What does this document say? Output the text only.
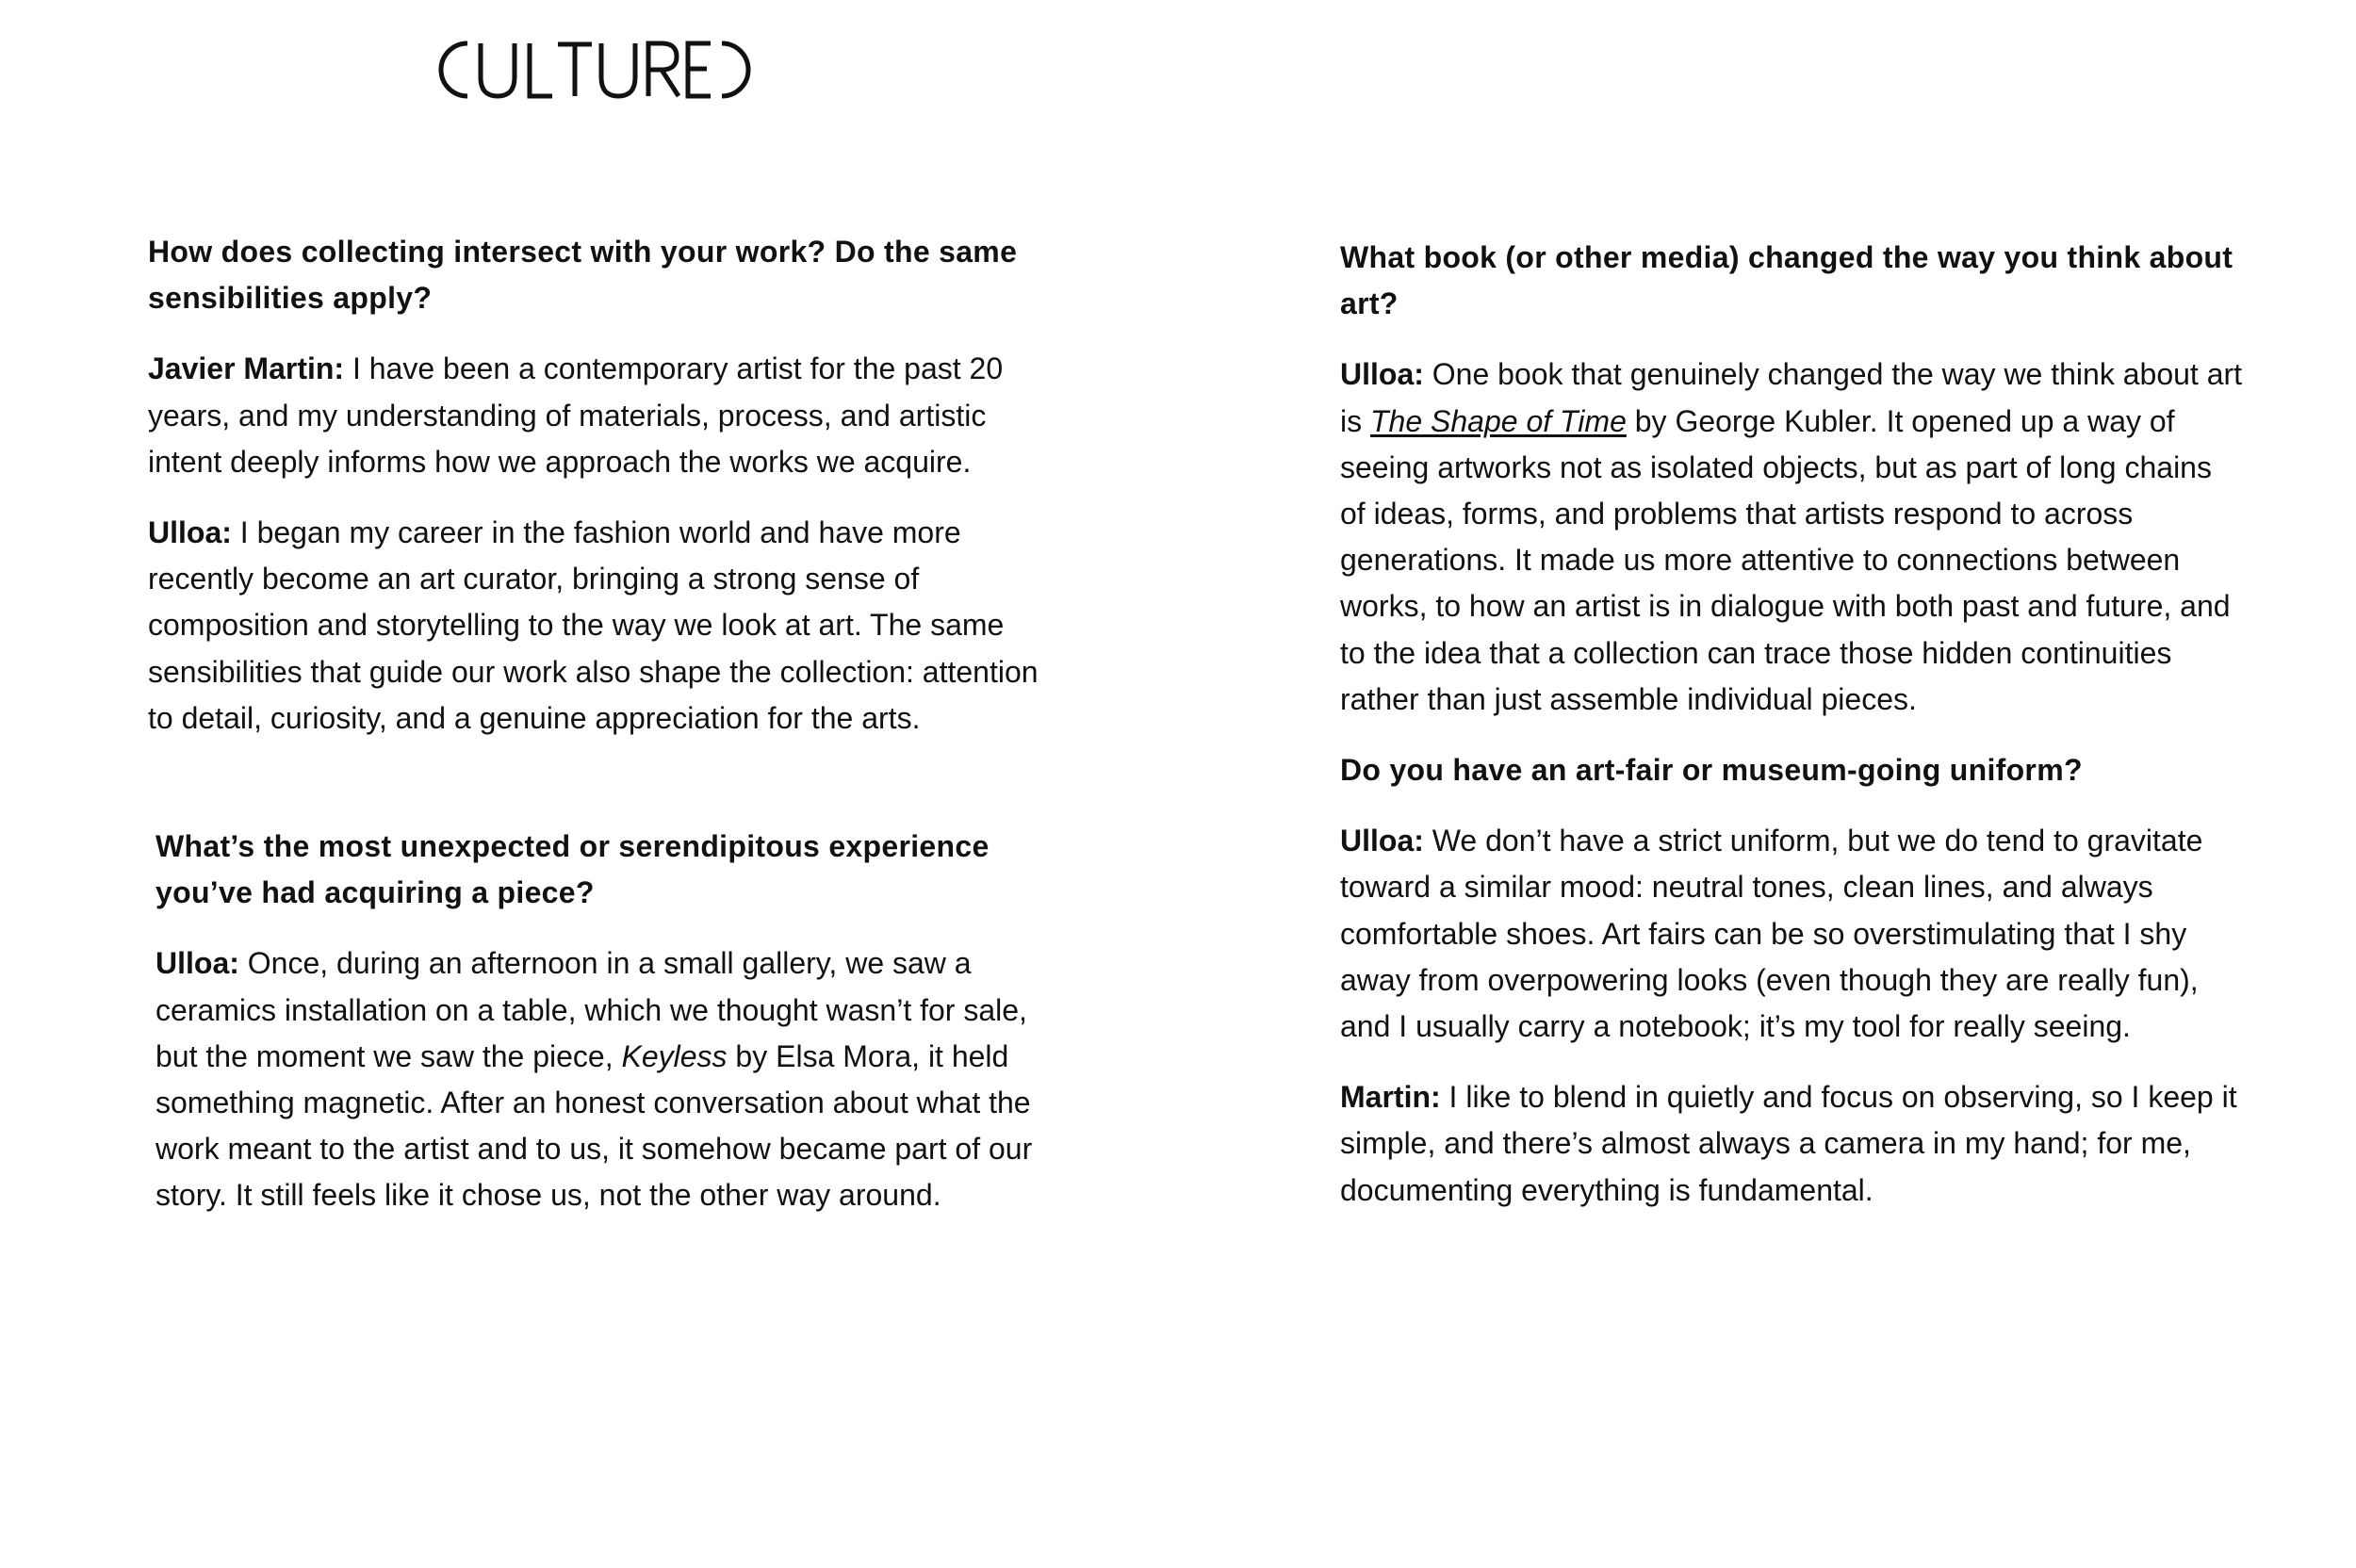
How does collecting intersect with your work? Do the same sensibilities apply?
Javier Martin: I have been a contemporary artist for the past 20 years, and my understanding of materials, process, and artistic intent deeply informs how we approach the works we acquire.
Ulloa: I began my career in the fashion world and have more recently become an art curator, bringing a strong sense of composition and storytelling to the way we look at art. The same sensibilities that guide our work also shape the collection: attention to detail, curiosity, and a genuine appreciation for the arts.
What’s the most unexpected or serendipitous experience you’ve had acquiring a piece?
Ulloa: Once, during an afternoon in a small gallery, we saw a ceramics installation on a table, which we thought wasn’t for sale, but the moment we saw the piece, Keyless by Elsa Mora, it held something magnetic. After an honest conversation about what the work meant to the artist and to us, it somehow became part of our story. It still feels like it chose us, not the other way around.
What book (or other media) changed the way you think about art?
Ulloa: One book that genuinely changed the way we think about art is The Shape of Time by George Kubler. It opened up a way of seeing artworks not as isolated objects, but as part of long chains of ideas, forms, and problems that artists respond to across generations. It made us more attentive to connections between works, to how an artist is in dialogue with both past and future, and to the idea that a collection can trace those hidden continuities rather than just assemble individual pieces.
Do you have an art-fair or museum-going uniform?
Ulloa: We don’t have a strict uniform, but we do tend to gravitate toward a similar mood: neutral tones, clean lines, and always comfortable shoes. Art fairs can be so overstimulating that I shy away from overpowering looks (even though they are really fun), and I usually carry a notebook; it’s my tool for really seeing.
Martin: I like to blend in quietly and focus on observing, so I keep it simple, and there’s almost always a camera in my hand; for me, documenting everything is fundamental.
